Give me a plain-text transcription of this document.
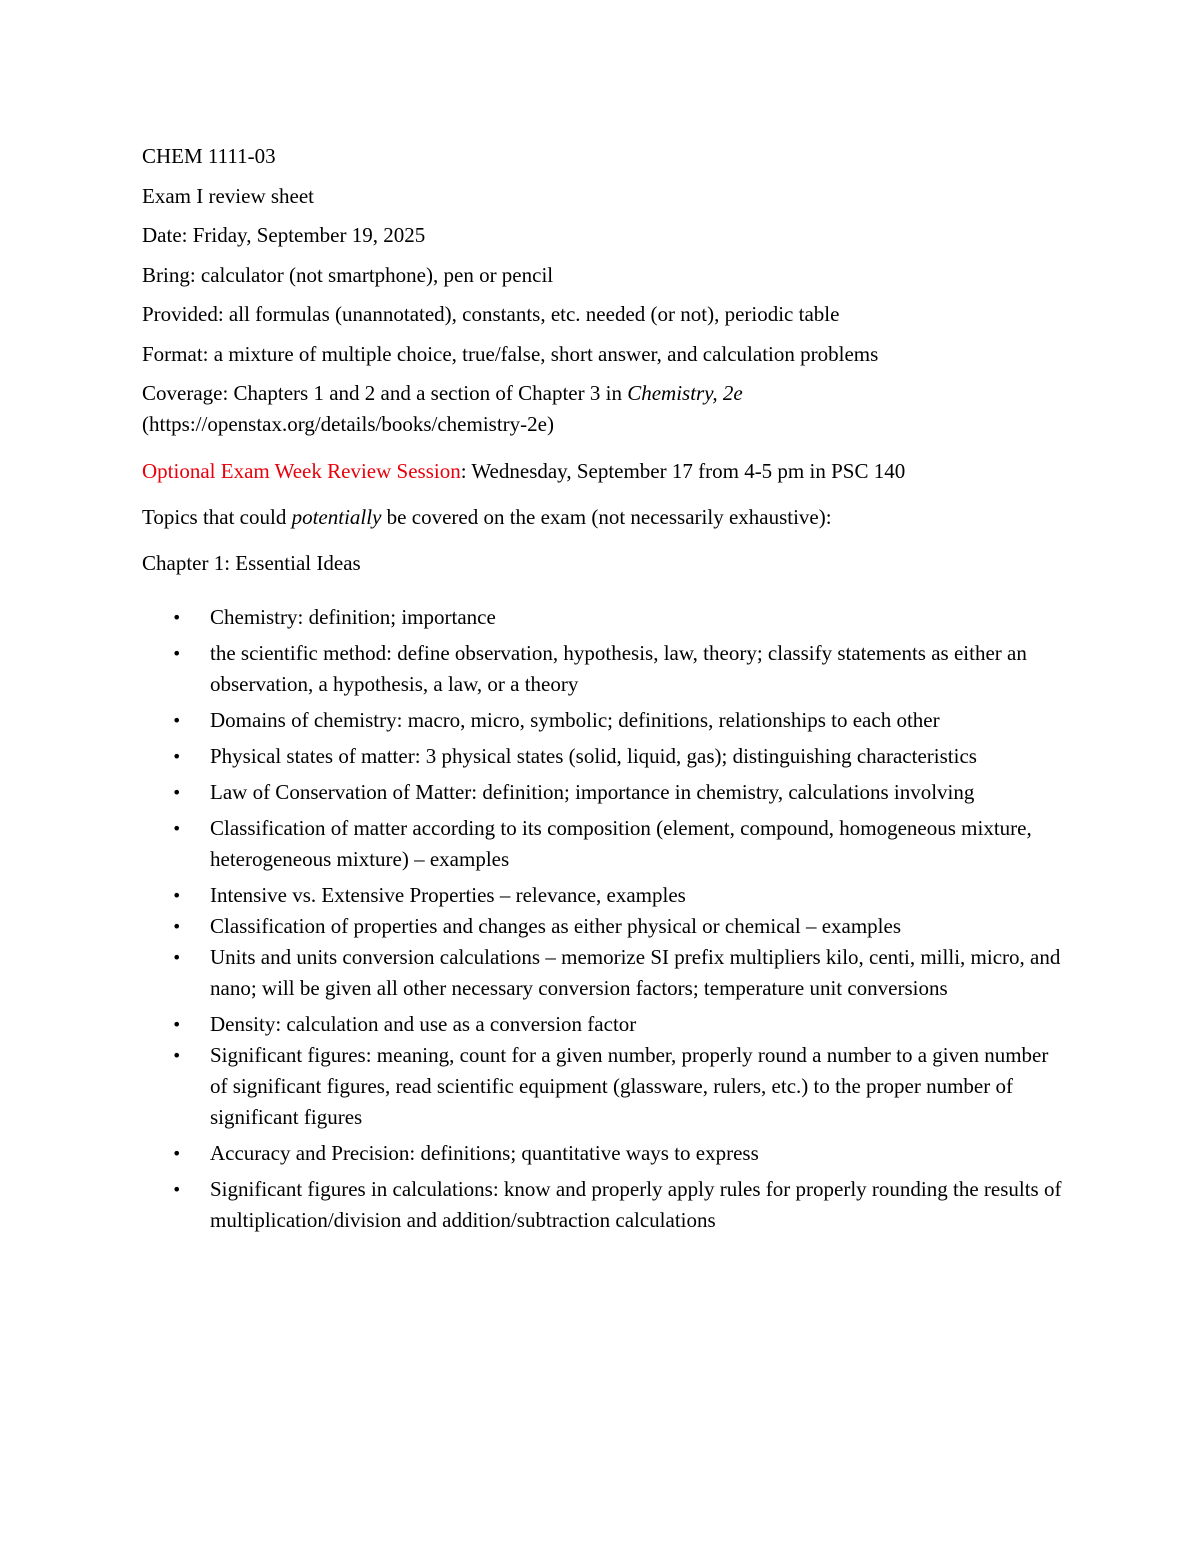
CHEM 1111-03

Exam I review sheet

Date: Friday, September 19, 2025

Bring: calculator (not smartphone), pen or pencil

Provided: all formulas (unannotated), constants, etc. needed (or not), periodic table

Format: a mixture of multiple choice, true/false, short answer, and calculation problems

Coverage: Chapters 1 and 2 and a section of Chapter 3 in Chemistry, 2e

(https://openstax.org/details/books/chemistry-2e)

Optional Exam Week Review Session: Wednesday, September 17 from 4-5 pm in PSC 140

Topics that could potentially be covered on the exam (not necessarily exhaustive):

Chapter 1: Essential Ideas

• Chemistry: definition; importance
• the scientific method: define observation, hypothesis, law, theory; classify statements as either an observation, a hypothesis, a law, or a theory
• Domains of chemistry: macro, micro, symbolic; definitions, relationships to each other
• Physical states of matter: 3 physical states (solid, liquid, gas); distinguishing characteristics
• Law of Conservation of Matter: definition; importance in chemistry, calculations involving
• Classification of matter according to its composition (element, compound, homogeneous mixture, heterogeneous mixture) – examples
• Intensive vs. Extensive Properties – relevance, examples
• Classification of properties and changes as either physical or chemical – examples
• Units and units conversion calculations – memorize SI prefix multipliers kilo, centi, milli, micro, and nano; will be given all other necessary conversion factors; temperature unit conversions
• Density: calculation and use as a conversion factor
• Significant figures: meaning, count for a given number, properly round a number to a given number of significant figures, read scientific equipment (glassware, rulers, etc.) to the proper number of significant figures
• Accuracy and Precision: definitions; quantitative ways to express
• Significant figures in calculations: know and properly apply rules for properly rounding the results of multiplication/division and addition/subtraction calculations
